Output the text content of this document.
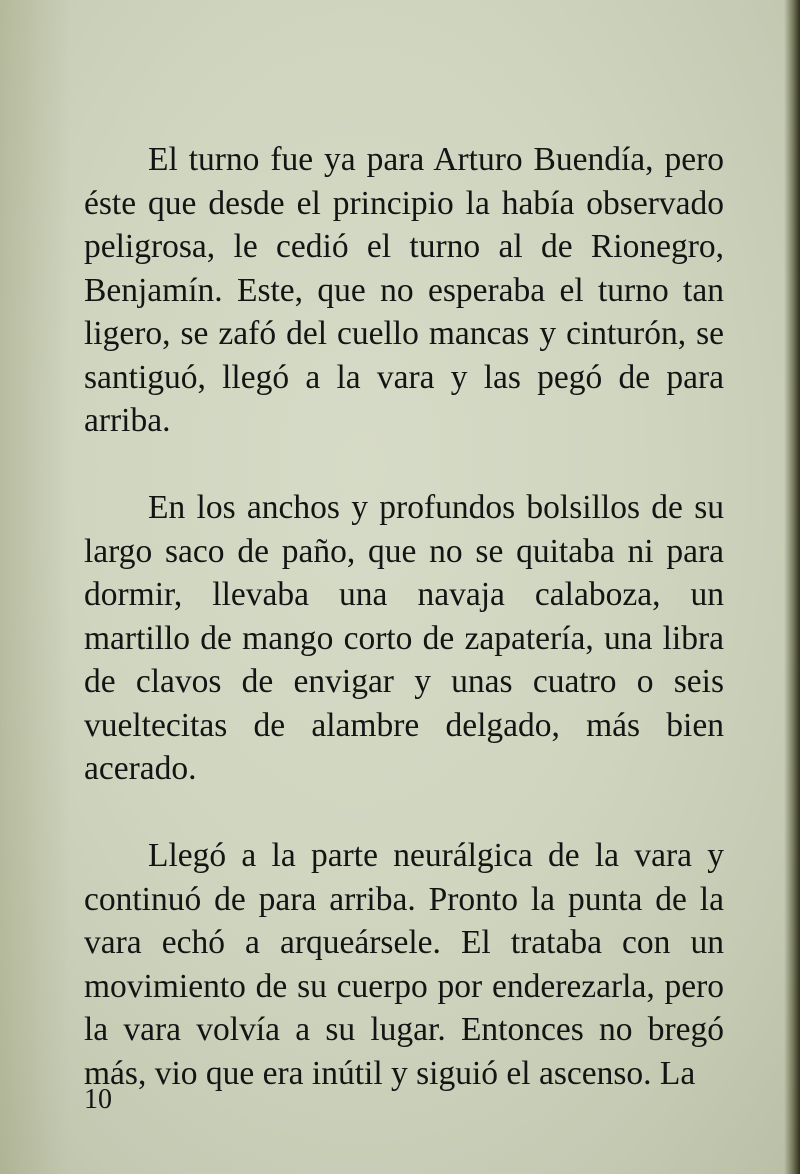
El turno fue ya para Arturo Buendía, pero éste que desde el principio la había observado peligrosa, le cedió el turno al de Rionegro, Benjamín. Este, que no esperaba el turno tan ligero, se zafó del cuello mancas y cinturón, se santiguó, llegó a la vara y las pegó de para arriba.

En los anchos y profundos bolsillos de su largo saco de paño, que no se quitaba ni para dormir, llevaba una navaja calaboza, un martillo de mango corto de zapatería, una libra de clavos de envigar y unas cuatro o seis vueltecitas de alambre delgado, más bien acerado.

Llegó a la parte neurálgica de la vara y continuó de para arriba. Pronto la punta de la vara echó a arqueársele. El trataba con un movimiento de su cuerpo por enderezarla, pero la vara volvía a su lugar. Entonces no bregó más, vio que era inútil y siguió el ascenso. La

10
